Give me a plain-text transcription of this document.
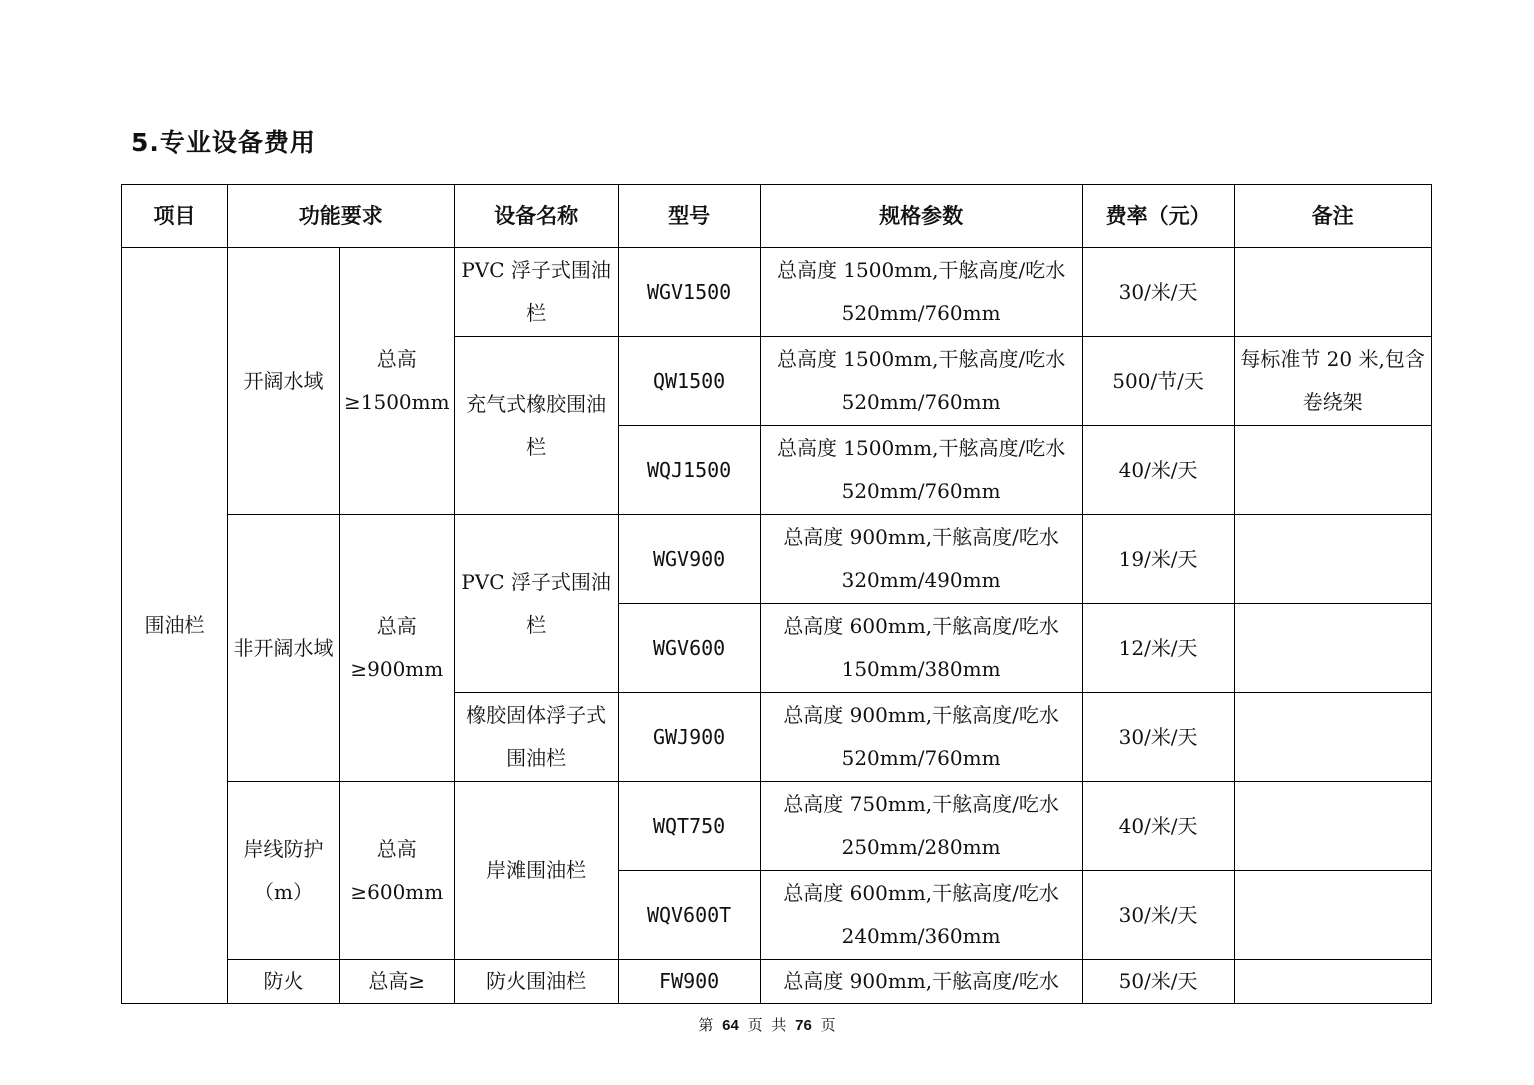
5.专业设备费用
项目	功能要求		设备名称	型号	规格参数	费率（元）	备注
围油栏	开阔水域	总高≥1500mm	PVC 浮子式围油栏	WGV1500	总高度 1500mm,干舷高度/吃水520mm/760mm	30/米/天	
			充气式橡胶围油栏	QW1500	总高度 1500mm,干舷高度/吃水520mm/760mm	500/节/天	每标准节 20 米,包含卷绕架
				WQJ1500	总高度 1500mm,干舷高度/吃水520mm/760mm	40/米/天	
	非开阔水域	总高≥900mm	PVC 浮子式围油栏	WGV900	总高度 900mm,干舷高度/吃水320mm/490mm	19/米/天	
				WGV600	总高度 600mm,干舷高度/吃水150mm/380mm	12/米/天	
			橡胶固体浮子式围油栏	GWJ900	总高度 900mm,干舷高度/吃水520mm/760mm	30/米/天	
	岸线防护（m）	总高≥600mm	岸滩围油栏	WQT750	总高度 750mm,干舷高度/吃水250mm/280mm	40/米/天	
				WQV600T	总高度 600mm,干舷高度/吃水240mm/360mm	30/米/天	
	防火	总高≥	防火围油栏	FW900	总高度 900mm,干舷高度/吃水	50/米/天	
第 64 页 共 76 页
